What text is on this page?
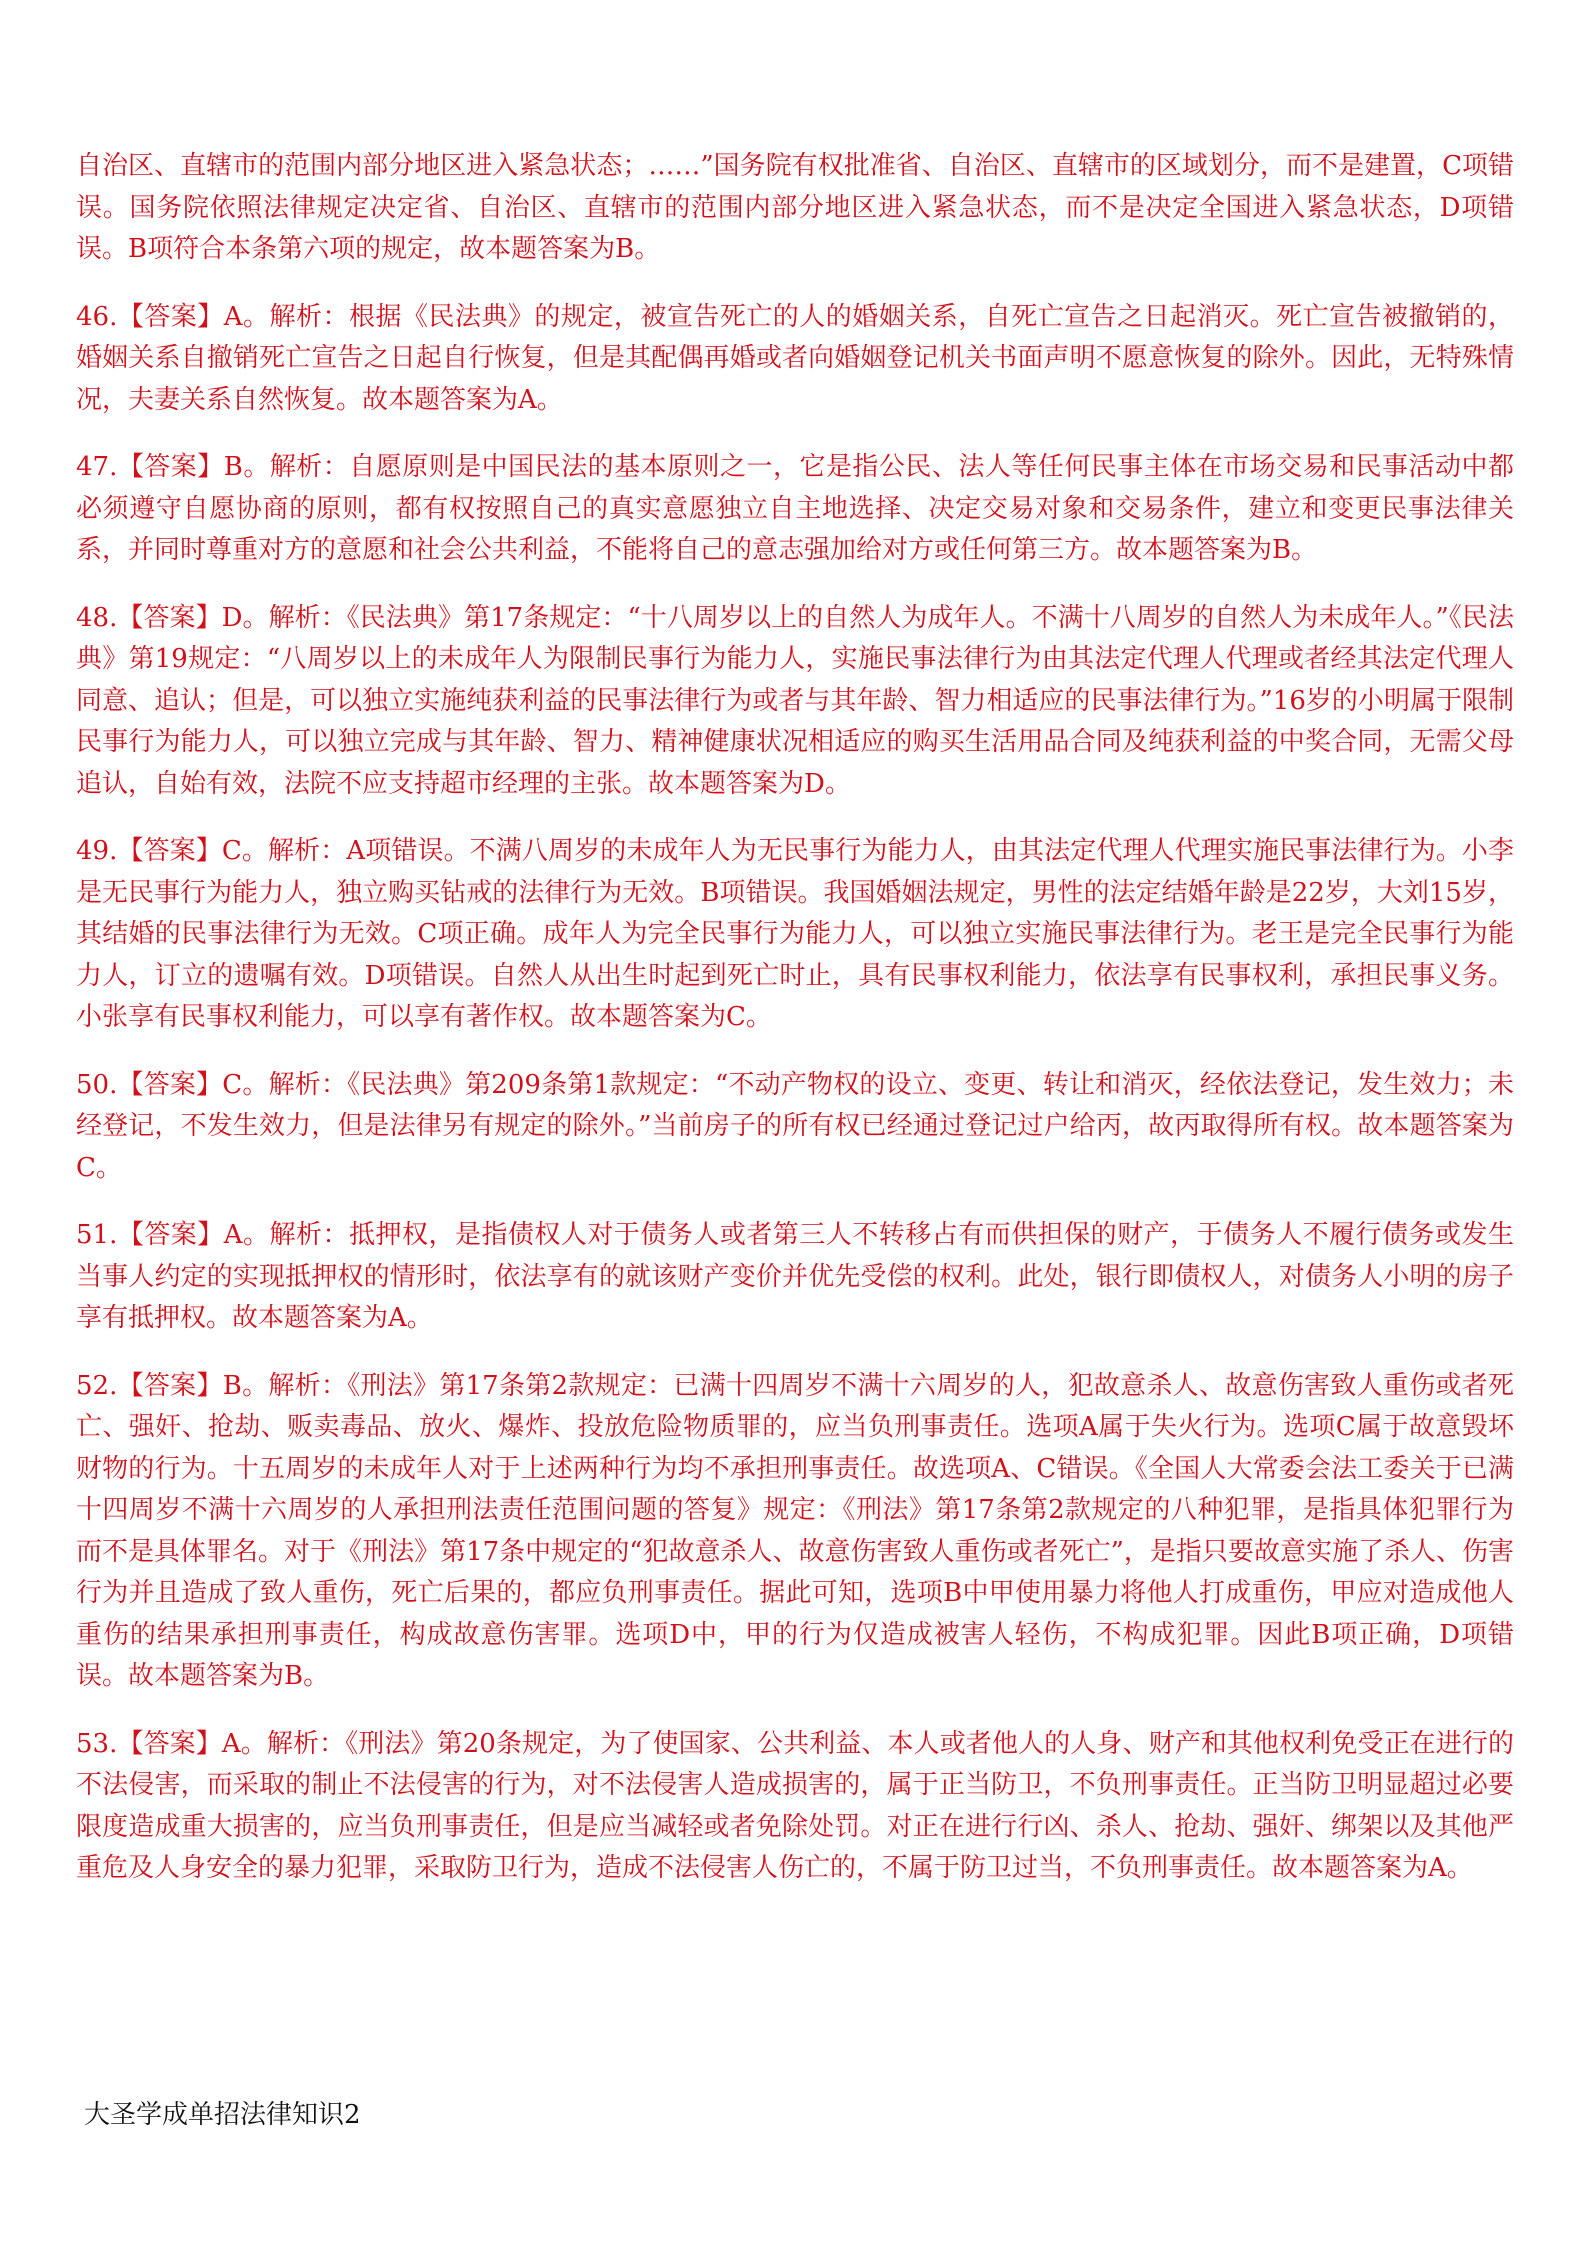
自治区、直辖市的范围内部分地区进入紧急状态；……”国务院有权批准省、自治区、直辖市的区域划分，而不是建置，C项错误。国务院依照法律规定决定省、自治区、直辖市的范围内部分地区进入紧急状态，而不是决定全国进入紧急状态，D项错误。B项符合本条第六项的规定，故本题答案为B。

46.【答案】A。解析：根据《民法典》的规定，被宣告死亡的人的婚姻关系，自死亡宣告之日起消灭。死亡宣告被撤销的，婚姻关系自撤销死亡宣告之日起自行恢复，但是其配偶再婚或者向婚姻登记机关书面声明不愿意恢复的除外。因此，无特殊情况，夫妻关系自然恢复。故本题答案为A。

47.【答案】B。解析：自愿原则是中国民法的基本原则之一，它是指公民、法人等任何民事主体在市场交易和民事活动中都必须遵守自愿协商的原则，都有权按照自己的真实意愿独立自主地选择、决定交易对象和交易条件，建立和变更民事法律关系，并同时尊重对方的意愿和社会公共利益，不能将自己的意志强加给对方或任何第三方。故本题答案为B。

48.【答案】D。解析：《民法典》第17条规定：“十八周岁以上的自然人为成年人。不满十八周岁的自然人为未成年人。”《民法典》第19规定：“八周岁以上的未成年人为限制民事行为能力人，实施民事法律行为由其法定代理人代理或者经其法定代理人同意、追认；但是，可以独立实施纯获利益的民事法律行为或者与其年龄、智力相适应的民事法律行为。”16岁的小明属于限制民事行为能力人，可以独立完成与其年龄、智力、精神健康状况相适应的购买生活用品合同及纯获利益的中奖合同，无需父母追认，自始有效，法院不应支持超市经理的主张。故本题答案为D。

49.【答案】C。解析：A项错误。不满八周岁的未成年人为无民事行为能力人，由其法定代理人代理实施民事法律行为。小李是无民事行为能力人，独立购买钻戒的法律行为无效。B项错误。我国婚姻法规定，男性的法定结婚年龄是22岁，大刘15岁，其结婚的民事法律行为无效。C项正确。成年人为完全民事行为能力人，可以独立实施民事法律行为。老王是完全民事行为能力人，订立的遗嘱有效。D项错误。自然人从出生时起到死亡时止，具有民事权利能力，依法享有民事权利，承担民事义务。小张享有民事权利能力，可以享有著作权。故本题答案为C。

50.【答案】C。解析：《民法典》第209条第1款规定：“不动产物权的设立、变更、转让和消灭，经依法登记，发生效力；未经登记，不发生效力，但是法律另有规定的除外。”当前房子的所有权已经通过登记过户给丙，故丙取得所有权。故本题答案为C。

51.【答案】A。解析：抵押权，是指债权人对于债务人或者第三人不转移占有而供担保的财产，于债务人不履行债务或发生当事人约定的实现抵押权的情形时，依法享有的就该财产变价并优先受偿的权利。此处，银行即债权人，对债务人小明的房子享有抵押权。故本题答案为A。

52.【答案】B。解析：《刑法》第17条第2款规定：已满十四周岁不满十六周岁的人，犯故意杀人、故意伤害致人重伤或者死亡、强奸、抢劫、贩卖毒品、放火、爆炸、投放危险物质罪的，应当负刑事责任。选项A属于失火行为。选项C属于故意毁坏财物的行为。十五周岁的未成年人对于上述两种行为均不承担刑事责任。故选项A、C错误。《全国人大常委会法工委关于已满十四周岁不满十六周岁的人承担刑法责任范围问题的答复》规定：《刑法》第17条第2款规定的八种犯罪，是指具体犯罪行为而不是具体罪名。对于《刑法》第17条中规定的“犯故意杀人、故意伤害致人重伤或者死亡”，是指只要故意实施了杀人、伤害行为并且造成了致人重伤，死亡后果的，都应负刑事责任。据此可知，选项B中甲使用暴力将他人打成重伤，甲应对造成他人重伤的结果承担刑事责任，构成故意伤害罪。选项D中，甲的行为仅造成被害人轻伤，不构成犯罪。因此B项正确，D项错误。故本题答案为B。

53.【答案】A。解析：《刑法》第20条规定，为了使国家、公共利益、本人或者他人的人身、财产和其他权利免受正在进行的不法侵害，而采取的制止不法侵害的行为，对不法侵害人造成损害的，属于正当防卫，不负刑事责任。正当防卫明显超过必要限度造成重大损害的，应当负刑事责任，但是应当减轻或者免除处罚。对正在进行行凶、杀人、抢劫、强奸、绑架以及其他严重危及人身安全的暴力犯罪，采取防卫行为，造成不法侵害人伤亡的，不属于防卫过当，不负刑事责任。故本题答案为A。

大圣学成单招法律知识2
